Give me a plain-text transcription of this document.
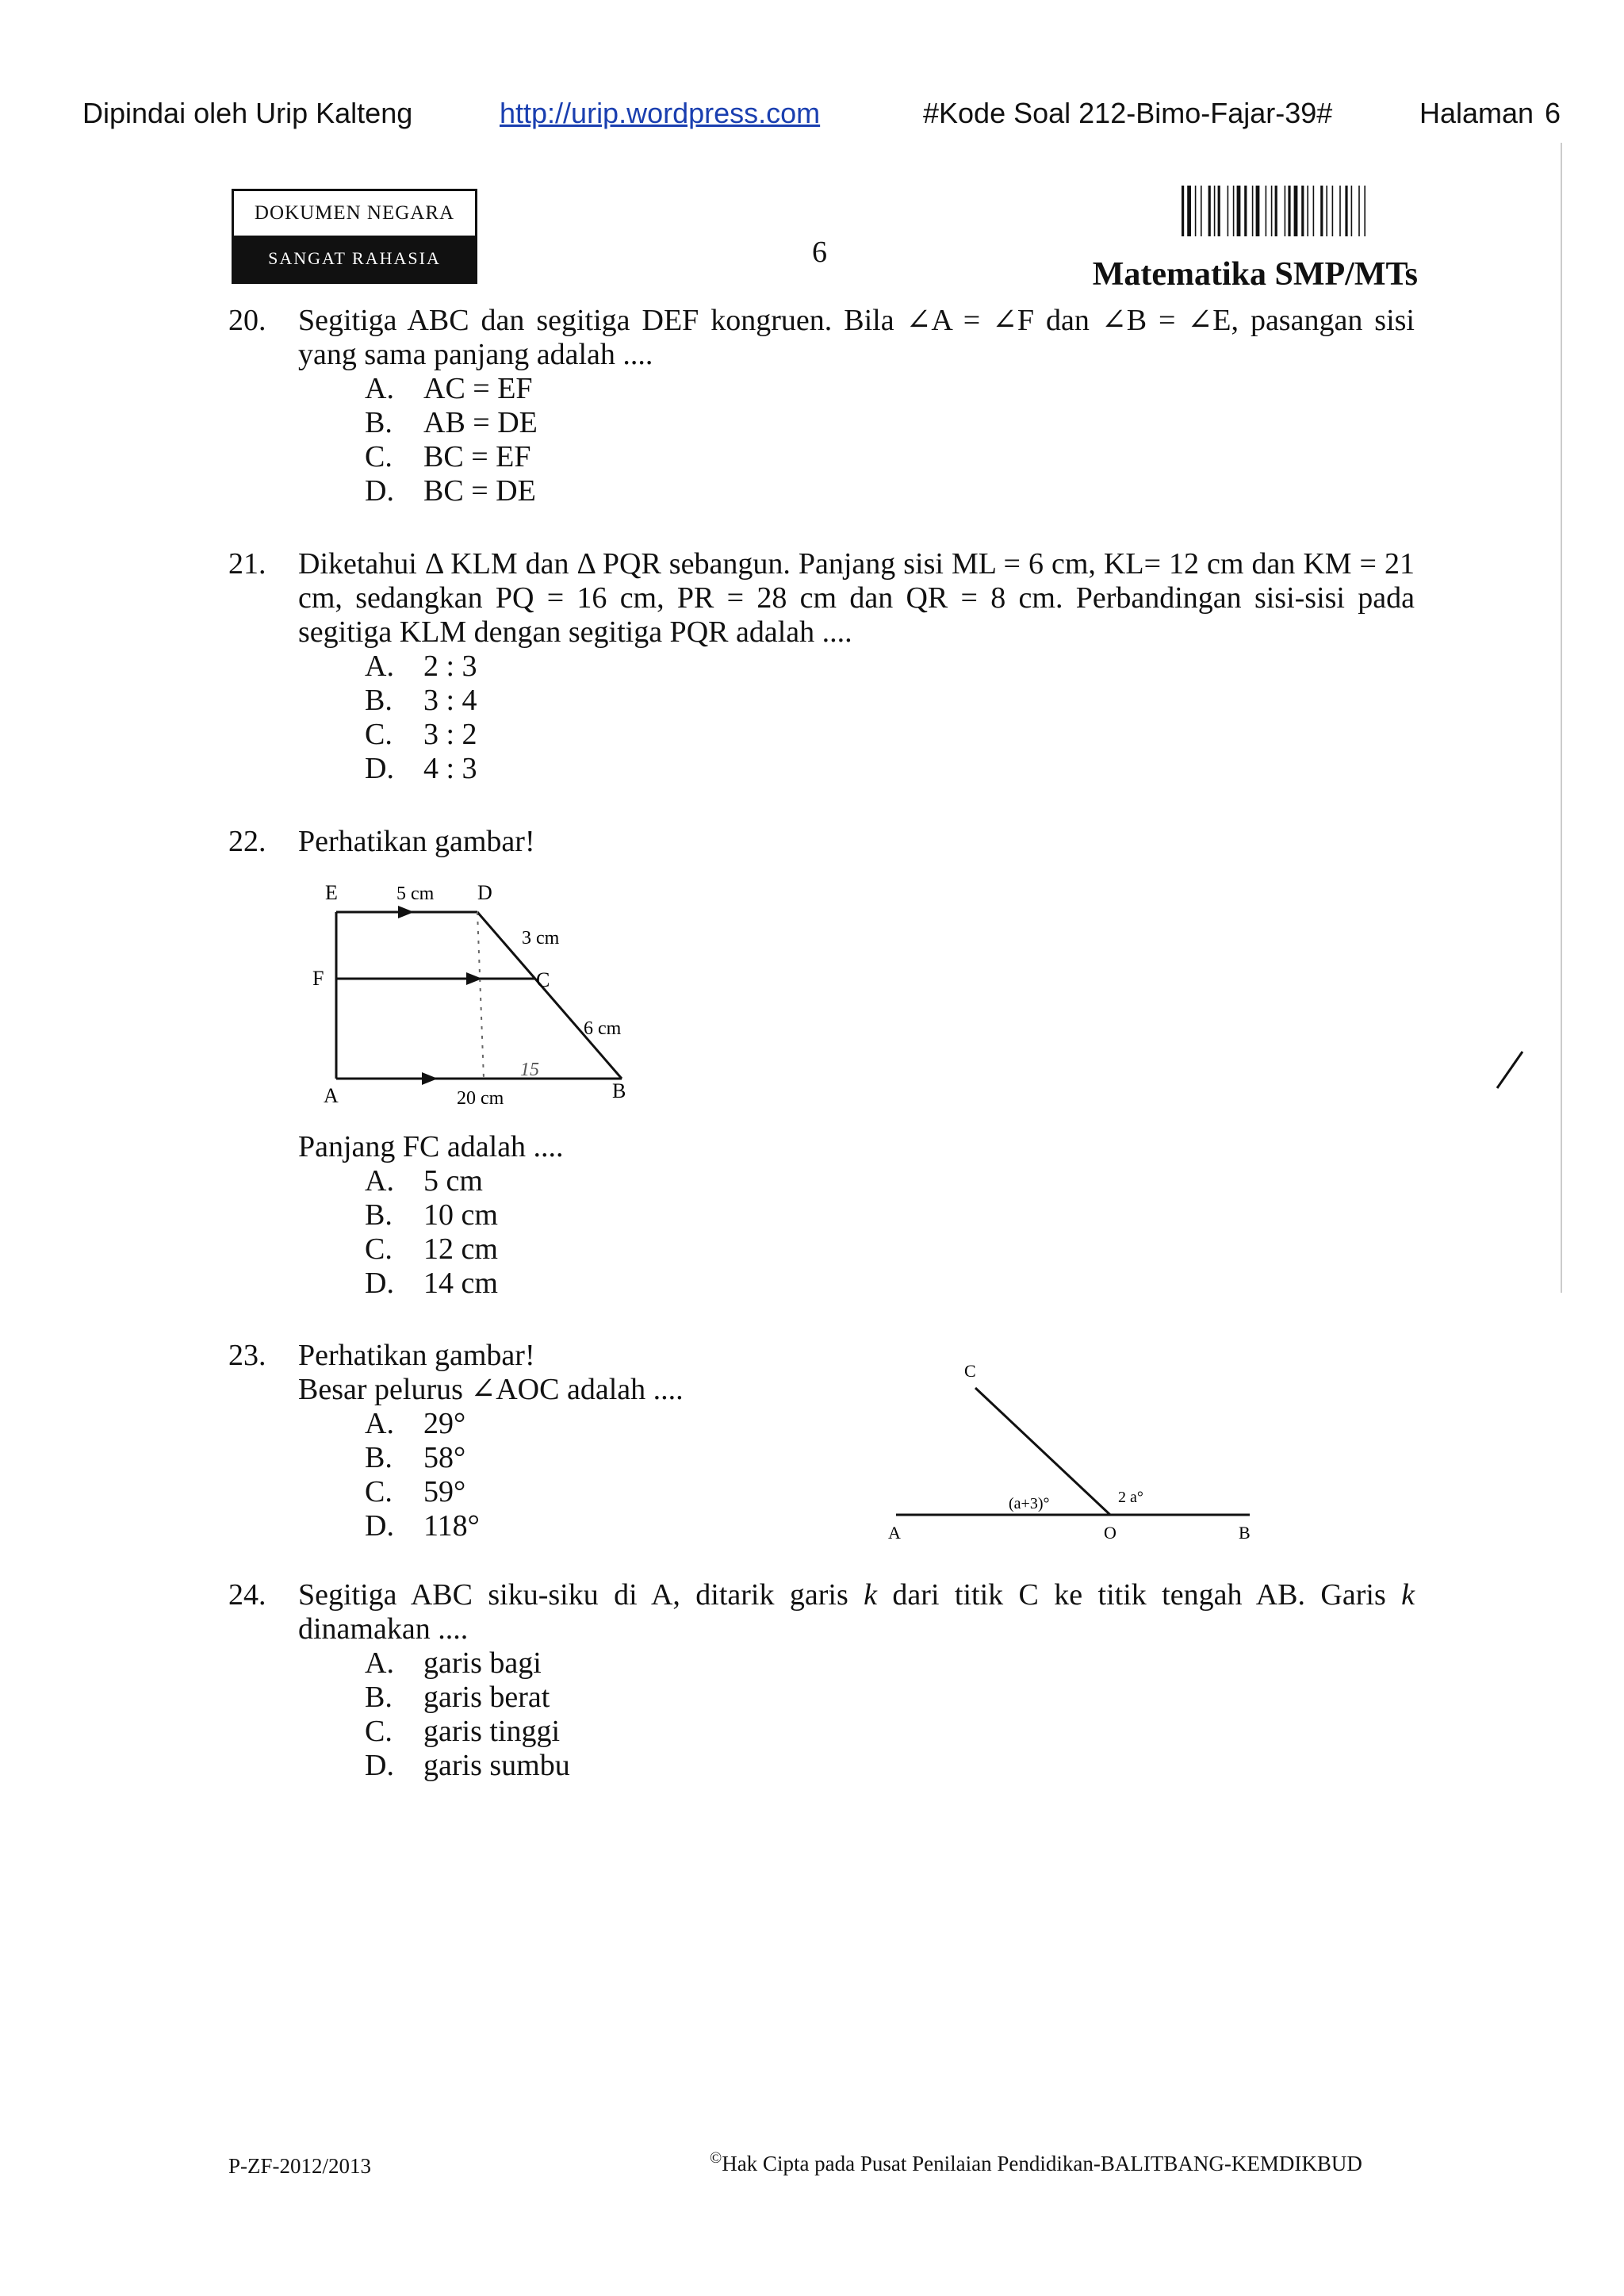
Dipindai oleh Urip Kalteng	http://urip.wordpress.com	#Kode Soal 212-Bimo-Fajar-39#	Halaman 6
DOKUMEN NEGARA
SANGAT RAHASIA	6
Matematika SMP/MTs
20. Segitiga ABC dan segitiga DEF kongruen. Bila ∠A = ∠F dan ∠B = ∠E, pasangan sisi yang sama panjang adalah ....
A. AC = EF
B. AB = DE
C. BC = EF
D. BC = DE
21. Diketahui Δ KLM dan Δ PQR sebangun. Panjang sisi ML = 6 cm, KL= 12 cm dan KM = 21 cm, sedangkan PQ = 16 cm, PR = 28 cm dan QR = 8 cm. Perbandingan sisi-sisi pada segitiga KLM dengan segitiga PQR adalah ....
A. 2 : 3
B. 3 : 4
C. 3 : 2
D. 4 : 3
22. Perhatikan gambar!
Panjang FC adalah ....
A. 5 cm
B. 10 cm
C. 12 cm
D. 14 cm
E	D
5 cm
3 cm
F	C
6 cm
A	20 cm	B
15
23. Perhatikan gambar!
Besar pelurus ∠AOC adalah ....
A. 29°
B. 58°
C. 59°
D. 118°
C
A	O	B
(a+3)°	2 a°
24. Segitiga ABC siku-siku di A, ditarik garis k dari titik C ke titik tengah AB. Garis k dinamakan ....
A. garis bagi
B. garis berat
C. garis tinggi
D. garis sumbu
P-ZF-2012/2013	©Hak Cipta pada Pusat Penilaian Pendidikan-BALITBANG-KEMDIKBUD
